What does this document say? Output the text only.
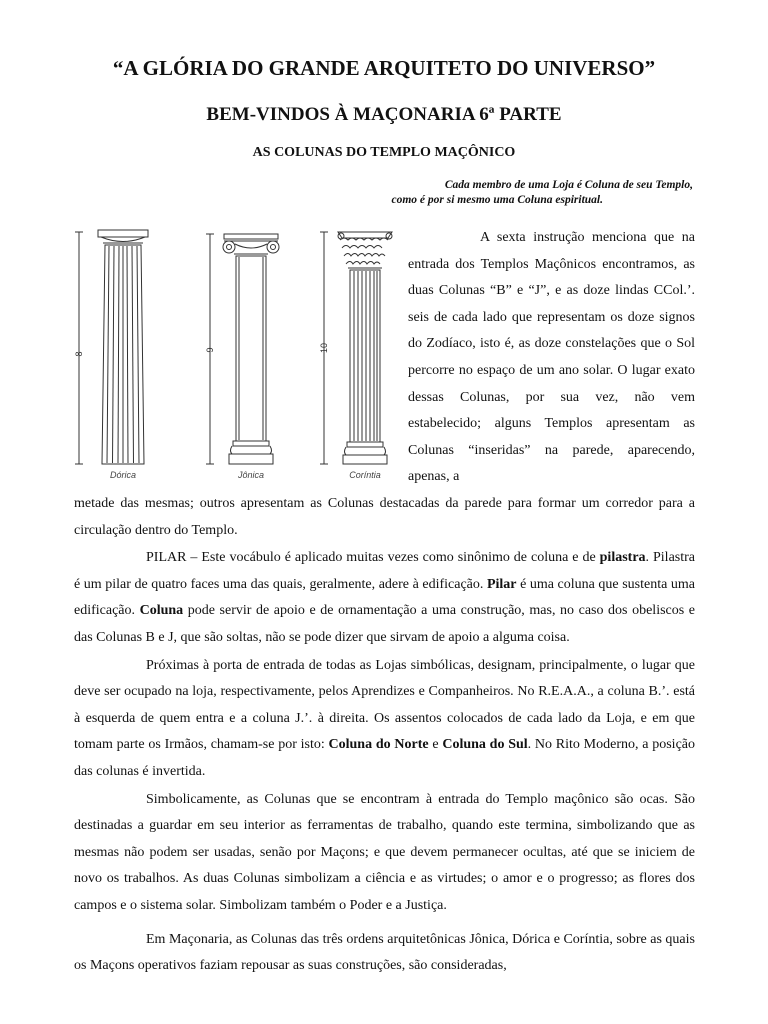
“A GLÓRIA DO GRANDE ARQUITETO DO UNIVERSO”
BEM-VINDOS À MAÇONARIA 6ª PARTE
AS COLUNAS DO TEMPLO MAÇÔNICO
Cada membro de uma Loja é Coluna de seu Templo,
como é por si mesmo uma Coluna espiritual.
8
Dórica
9
Jônica
10
Coríntia

A sexta instrução menciona que na entrada dos Templos Maçônicos encontramos, as duas Colunas “B” e “J”, e as doze lindas CCol.’. seis de cada lado que representam os doze signos do Zodíaco, isto é, as doze constelações que o Sol percorre no espaço de um ano solar. O lugar exato dessas Colunas, por sua vez, não vem estabelecido; alguns Templos apresentam as Colunas “inseridas” na parede, aparecendo, apenas, a

metade das mesmas; outros apresentam as Colunas destacadas da parede para formar um corredor para a circulação dentro do Templo.

PILAR – Este vocábulo é aplicado muitas vezes como sinônimo de coluna e de pilastra. Pilastra é um pilar de quatro faces uma das quais, geralmente, adere à edificação. Pilar é uma coluna que sustenta uma edificação. Coluna pode servir de apoio e de ornamentação a uma construção, mas, no caso dos obeliscos e das Colunas B e J, que são soltas, não se pode dizer que sirvam de apoio a alguma coisa.

Próximas à porta de entrada de todas as Lojas simbólicas, designam, principalmente, o lugar que deve ser ocupado na loja, respectivamente, pelos Aprendizes e Companheiros. No R.E.A.A., a coluna B.’. está à esquerda de quem entra e a coluna J.’. à direita. Os assentos colocados de cada lado da Loja, e em que tomam parte os Irmãos, chamam-se por isto: Coluna do Norte e Coluna do Sul. No Rito Moderno, a posição das colunas é invertida.

Simbolicamente, as Colunas que se encontram à entrada do Templo maçônico são ocas. São destinadas a guardar em seu interior as ferramentas de trabalho, quando este termina, simbolizando que as mesmas não podem ser usadas, senão por Maçons; e que devem permanecer ocultas, até que se iniciem de novo os trabalhos. As duas Colunas simbolizam a ciência e as virtudes; o amor e o progresso; as flores dos campos e o sistema solar. Simbolizam também o Poder e a Justiça.

Em Maçonaria, as Colunas das três ordens arquitetônicas Jônica, Dórica e Coríntia, sobre as quais os Maçons operativos faziam repousar as suas construções, são consideradas,
